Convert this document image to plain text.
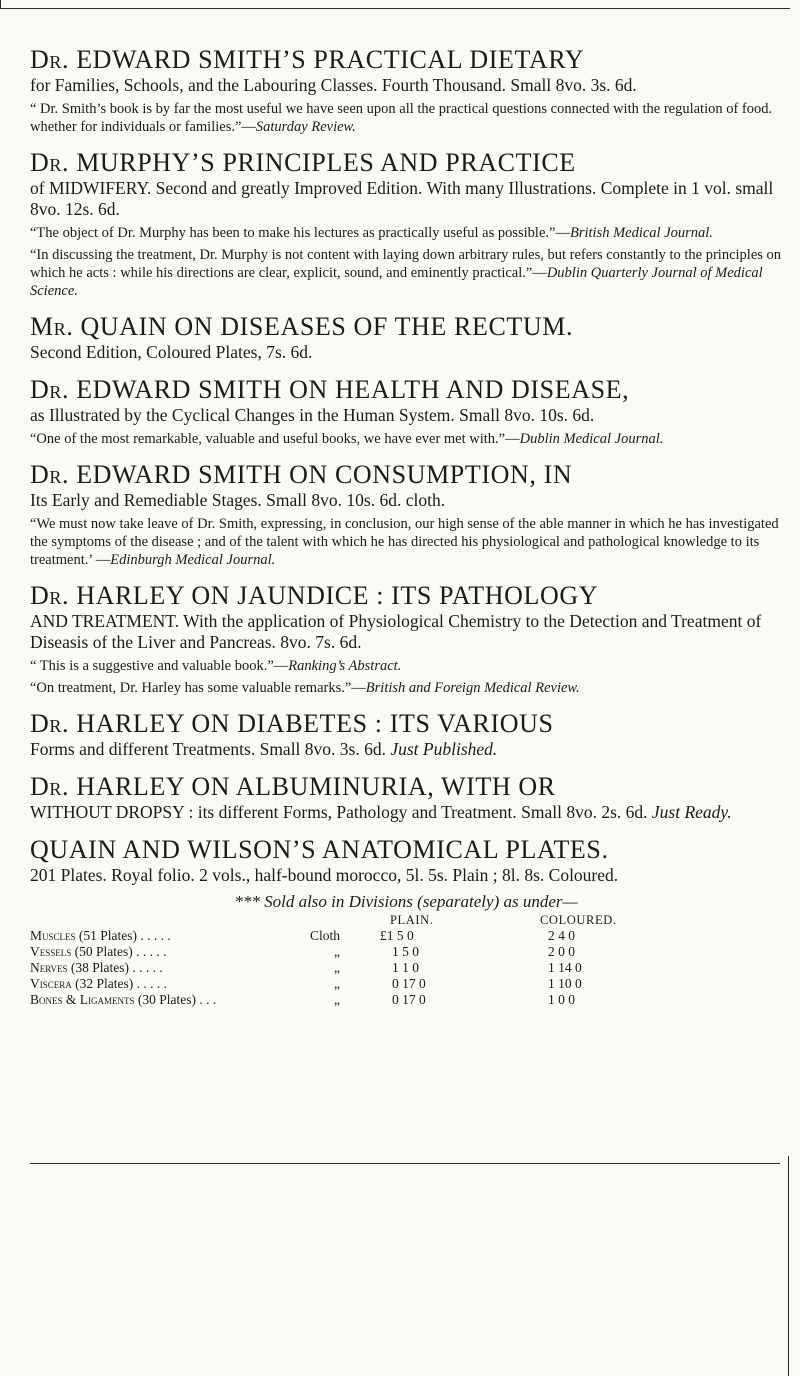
Dr. EDWARD SMITH’S PRACTICAL DIETARY
for Families, Schools, and the Labouring Classes. Fourth Thousand. Small 8vo. 3s. 6d.
“ Dr. Smith’s book is by far the most useful we have seen upon all the practical questions connected with the regulation of food. whether for individuals or families.”—Saturday Review.
Dr. MURPHY’S PRINCIPLES AND PRACTICE
of MIDWIFERY. Second and greatly Improved Edition. With many Illustrations. Complete in 1 vol. small 8vo. 12s. 6d.
“The object of Dr. Murphy has been to make his lectures as practically useful as possible.”—British Medical Journal.
“In discussing the treatment, Dr. Murphy is not content with laying down arbitrary rules, but refers constantly to the principles on which he acts : while his directions are clear, explicit, sound, and eminently practical.”—Dublin Quarterly Journal of Medical Science.
Mr. QUAIN ON DISEASES OF THE RECTUM.
Second Edition, Coloured Plates, 7s. 6d.
Dr. EDWARD SMITH ON HEALTH AND DISEASE,
as Illustrated by the Cyclical Changes in the Human System. Small 8vo. 10s. 6d.
“One of the most remarkable, valuable and useful books, we have ever met with.”—Dublin Medical Journal.
Dr. EDWARD SMITH ON CONSUMPTION, IN
Its Early and Remediable Stages. Small 8vo. 10s. 6d. cloth.
“We must now take leave of Dr. Smith, expressing, in conclusion, our high sense of the able manner in which he has investigated the symptoms of the disease ; and of the talent with which he has directed his physiological and pathological knowledge to its treatment.’ —Edinburgh Medical Journal.
Dr. HARLEY ON JAUNDICE : ITS PATHOLOGY
AND TREATMENT. With the application of Physiological Chemistry to the Detection and Treatment of Diseasis of the Liver and Pancreas. 8vo. 7s. 6d.
“ This is a suggestive and valuable book.”—Ranking’s Abstract.
“On treatment, Dr. Harley has some valuable remarks.”—British and Foreign Medical Review.
Dr. HARLEY ON DIABETES : ITS VARIOUS
Forms and different Treatments. Small 8vo. 3s. 6d. Just Published.
Dr. HARLEY ON ALBUMINURIA, WITH OR
WITHOUT DROPSY : its different Forms, Pathology and Treatment. Small 8vo. 2s. 6d. Just Ready.
QUAIN AND WILSON’S ANATOMICAL PLATES.
201 Plates. Royal folio. 2 vols., half-bound morocco, 5l. 5s. Plain ; 8l. 8s. Coloured.
*** Sold also in Divisions (separately) as under—
			PLAIN.	COLOURED.
Muscles (51 Plates) . . . . .	Cloth		£1 5 0	2 4 0
Vessels (50 Plates) . . . . .	„		1 5 0	2 0 0
Nerves (38 Plates) . . . . .	„		1 1 0	1 14 0
Viscera (32 Plates) . . . . .	„		0 17 0	1 10 0
Bones & Ligaments (30 Plates) . . .	„		0 17 0	1 0 0
